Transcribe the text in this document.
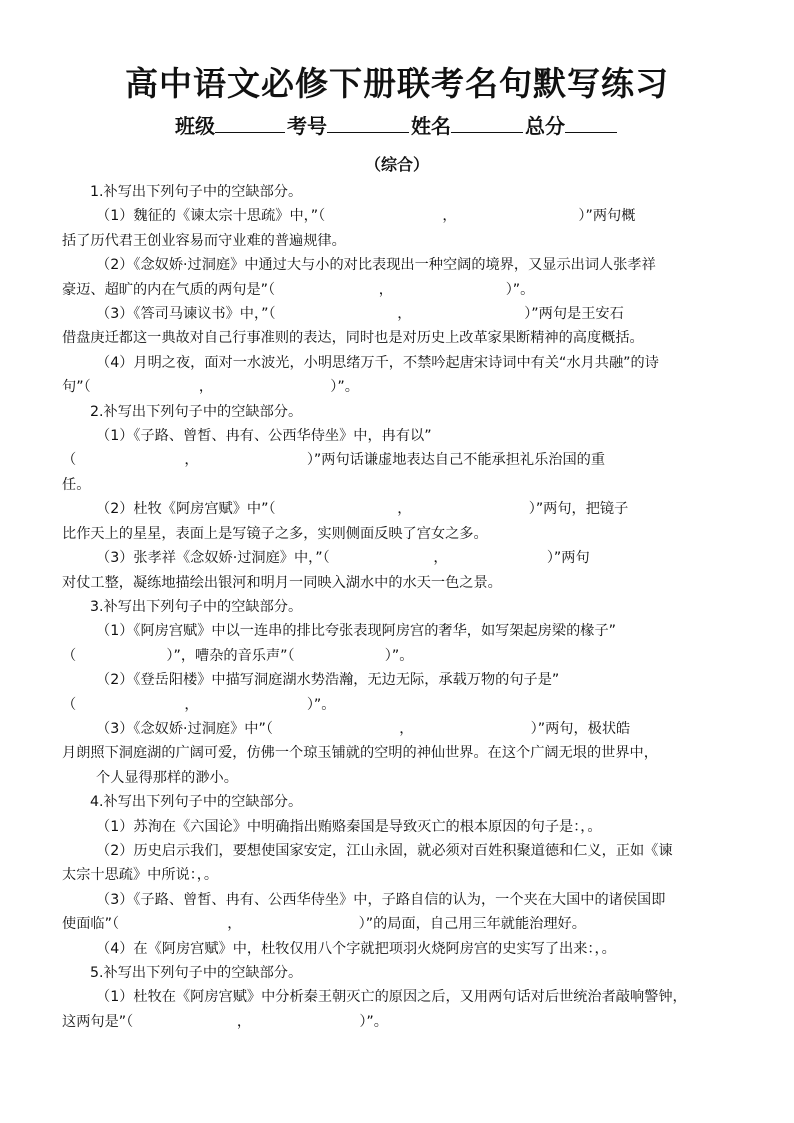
高中语文必修下册联考名句默写练习
班级	考号	姓名	总分
（综合）

1.补写出下列句子中的空缺部分。

（1）魏征的《谏太宗十思疏》中，”（                          ，                           ）”两句概

括了历代君王创业容易而守业难的普遍规律。

（2）《念奴娇·过洞庭》中通过大与小的对比表现出一种空阔的境界，又显示出词人张孝祥

豪迈、超旷的内在气质的两句是”（                       ，                         ）”。

（3）《答司马谏议书》中，”（                           ，                         ）”两句是王安石

借盘庚迁都这一典故对自己行事准则的表达，同时也是对历史上改革家果断精神的高度概括。

（4）月明之夜，面对一水波光，小明思绪万千，不禁吟起唐宋诗词中有关“水月共融”的诗

句”（                        ，                          ）”。

2.补写出下列句子中的空缺部分。

（1）《子路、曾皙、冉有、公西华侍坐》中，冉有以”

（                        ，                        ）”两句话谦虚地表达自己不能承担礼乐治国的重

任。

（2）杜牧《阿房宫赋》中”（                           ，                          ）”两句，把镜子

比作天上的星星，表面上是写镜子之多，实则侧面反映了宫女之多。

（3）张孝祥《念奴娇·过洞庭》中，”（                       ，                      ）”两句

对仗工整，凝练地描绘出银河和明月一同映入湖水中的水天一色之景。

3.补写出下列句子中的空缺部分。

（1）《阿房宫赋》中以一连串的排比夸张表现阿房宫的奢华，如写架起房梁的椽子”

（                    ）”，嘈杂的音乐声”（                    ）”。

（2）《登岳阳楼》中描写洞庭湖水势浩瀚，无边无际，承载万物的句子是”

（                        ，                        ）”。

（3）《念奴娇·过洞庭》中”（                            ，                          ）”两句，极状皓

月朗照下洞庭湖的广阔可爱，仿佛一个琼玉铺就的空明的神仙世界。在这个广阔无垠的世界中，

个人显得那样的渺小。

4.补写出下列句子中的空缺部分。

（1）苏洵在《六国论》中明确指出贿赂秦国是导致灭亡的根本原因的句子是：，。

（2）历史启示我们，要想使国家安定，江山永固，就必须对百姓积聚道德和仁义，正如《谏

太宗十思疏》中所说：，。

（3）《子路、曾皙、冉有、公西华侍坐》中，子路自信的认为，一个夹在大国中的诸侯国即

使面临”（                        ，                          ）”的局面，自己用三年就能治理好。

（4）在《阿房宫赋》中，杜牧仅用八个字就把项羽火烧阿房宫的史实写了出来：，。

5.补写出下列句子中的空缺部分。

（1）杜牧在《阿房宫赋》中分析秦王朝灭亡的原因之后，又用两句话对后世统治者敲响警钟，

这两句是”（                       ，                        ）”。
